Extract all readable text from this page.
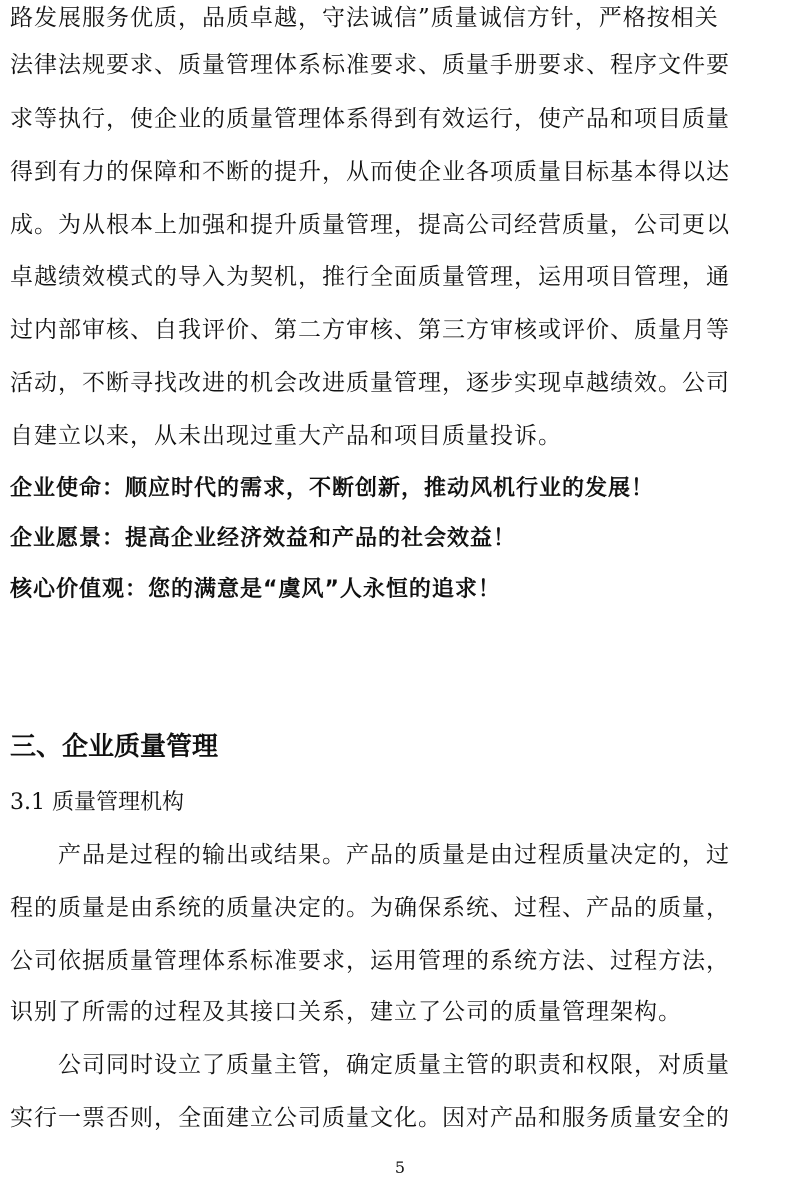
路发展服务优质，品质卓越，守法诚信”质量诚信方针，严格按相关

法律法规要求、质量管理体系标准要求、质量手册要求、程序文件要

求等执行，使企业的质量管理体系得到有效运行，使产品和项目质量

得到有力的保障和不断的提升，从而使企业各项质量目标基本得以达

成。为从根本上加强和提升质量管理，提高公司经营质量，公司更以

卓越绩效模式的导入为契机，推行全面质量管理，运用项目管理，通

过内部审核、自我评价、第二方审核、第三方审核或评价、质量月等

活动，不断寻找改进的机会改进质量管理，逐步实现卓越绩效。公司

自建立以来，从未出现过重大产品和项目质量投诉。

企业使命：顺应时代的需求，不断创新，推动风机行业的发展！

企业愿景：提高企业经济效益和产品的社会效益！

核心价值观：您的满意是“虞风”人永恒的追求！

三、企业质量管理

3.1 质量管理机构

产品是过程的输出或结果。产品的质量是由过程质量决定的，过

程的质量是由系统的质量决定的。为确保系统、过程、产品的质量，

公司依据质量管理体系标准要求，运用管理的系统方法、过程方法，

识别了所需的过程及其接口关系，建立了公司的质量管理架构。

公司同时设立了质量主管，确定质量主管的职责和权限，对质量

实行一票否则，全面建立公司质量文化。因对产品和服务质量安全的

5
